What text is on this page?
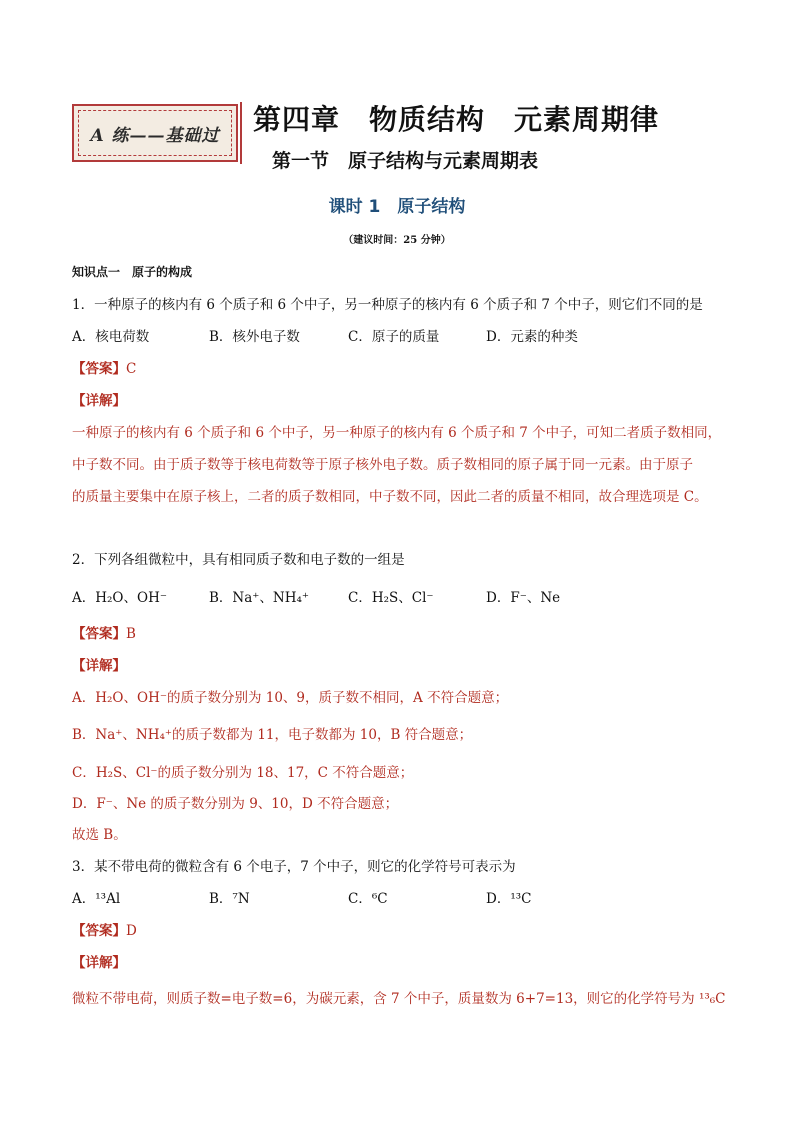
A 练——基础过	第四章　物质结构　元素周期律
第一节　原子结构与元素周期表
课时 1　原子结构
（建议时间：25 分钟）
知识点一　原子的构成
1．一种原子的核内有 6 个质子和 6 个中子，另一种原子的核内有 6 个质子和 7 个中子，则它们不同的是
A．核电荷数	B．核外电子数	C．原子的质量	D．元素的种类
【答案】C
【详解】
一种原子的核内有 6 个质子和 6 个中子，另一种原子的核内有 6 个质子和 7 个中子，可知二者质子数相同，
中子数不同。由于质子数等于核电荷数等于原子核外电子数。质子数相同的原子属于同一元素。由于原子
的质量主要集中在原子核上，二者的质子数相同，中子数不同，因此二者的质量不相同，故合理选项是 C。
2．下列各组微粒中，具有相同质子数和电子数的一组是
A．H₂O、OH⁻	B．Na⁺、NH₄⁺	C．H₂S、Cl⁻	D．F⁻、Ne
【答案】B
【详解】
A．H₂O、OH⁻的质子数分别为 10、9，质子数不相同，A 不符合题意；
B．Na⁺、NH₄⁺的质子数都为 11，电子数都为 10，B 符合题意；
C．H₂S、Cl⁻的质子数分别为 18、17，C 不符合题意；
D．F⁻、Ne 的质子数分别为 9、10，D 不符合题意；
故选 B。
3．某不带电荷的微粒含有 6 个电子，7 个中子，则它的化学符号可表示为
A．¹³Al	B．⁷N	C．⁶C	D．¹³C
【答案】D
【详解】
微粒不带电荷，则质子数=电子数=6，为碳元素，含 7 个中子，质量数为 6+7=13，则它的化学符号为 ¹³₆C
